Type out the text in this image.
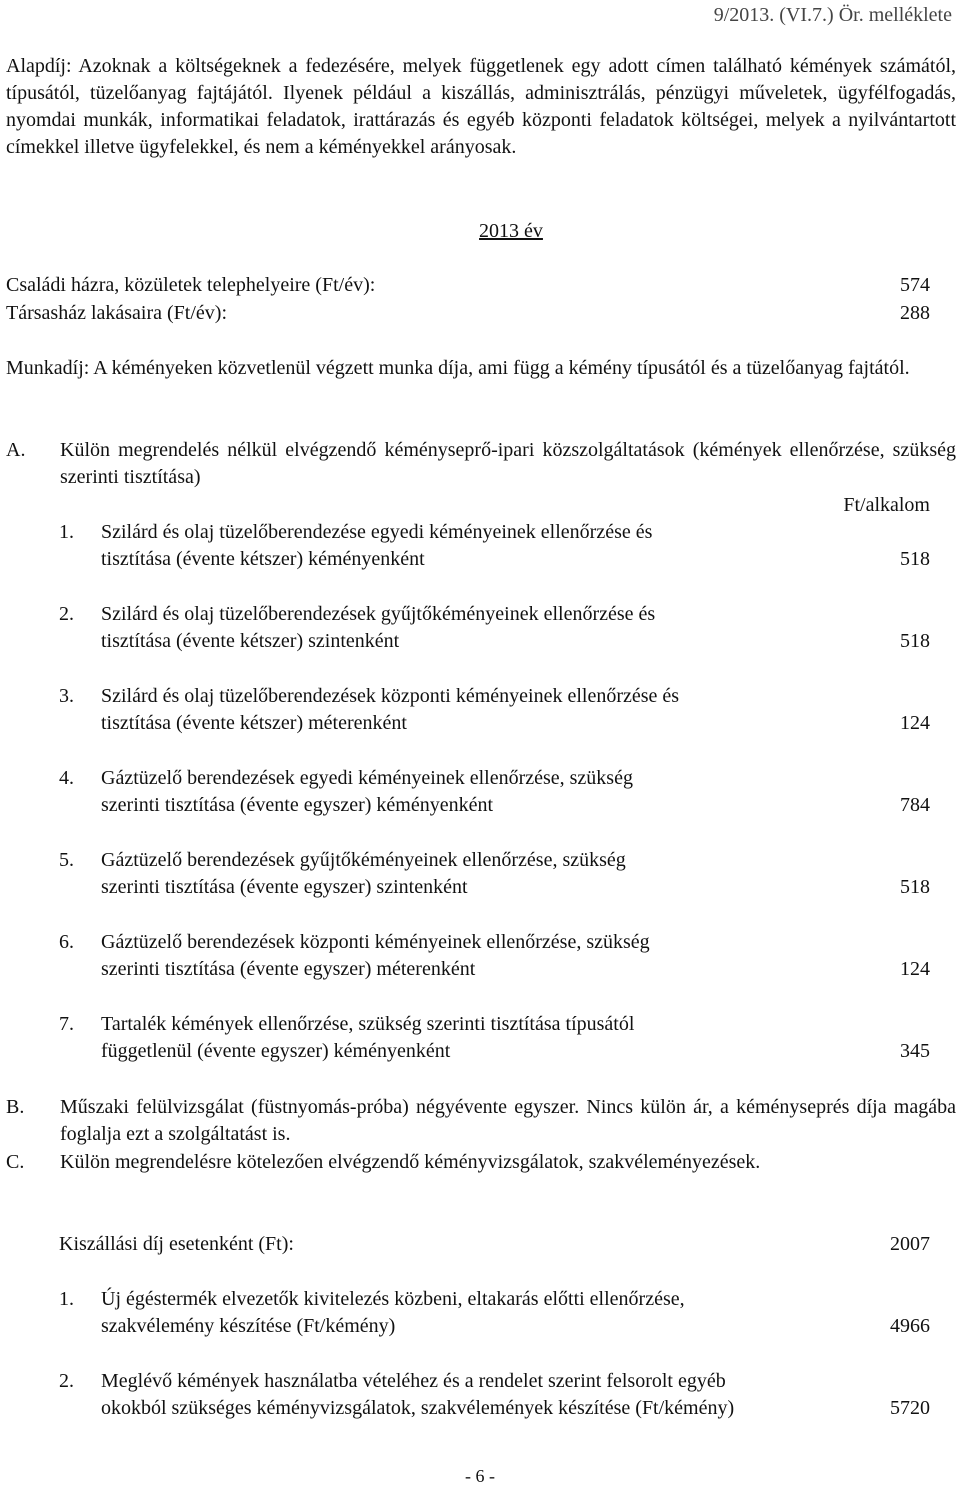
9/2013. (VI.7.) Ör. melléklete
Alapdíj: Azoknak a költségeknek a fedezésére, melyek függetlenek egy adott címen található kémények számától, típusától, tüzelőanyag fajtájától. Ilyenek például a kiszállás, adminisztrálás, pénzügyi műveletek, ügyfélfogadás, nyomdai munkák, informatikai feladatok, irattárazás és egyéb központi feladatok költségei, melyek a nyilvántartott címekkel illetve ügyfelekkel, és nem a kéményekkel arányosak.
2013 év
Családi házra, közületek telephelyeire (Ft/év):	574
Társasház lakásaira (Ft/év):	288
Munkadíj: A kéményeken közvetlenül végzett munka díja, ami függ a kémény típusától és a tüzelőanyag fajtától.
A.	Külön megrendelés nélkül elvégzendő kéményseprő-ipari közszolgáltatások (kémények ellenőrzése, szükség szerinti tisztítása)
Ft/alkalom
1.	Szilárd és olaj tüzelőberendezése egyedi kéményeinek ellenőrzése és
tisztítása (évente kétszer) kéményenként	518
2.	Szilárd és olaj tüzelőberendezések gyűjtőkéményeinek ellenőrzése és
tisztítása (évente kétszer) szintenként	518
3.	Szilárd és olaj tüzelőberendezések központi kéményeinek ellenőrzése és
tisztítása (évente kétszer) méterenként	124
4.	Gáztüzelő berendezések egyedi kéményeinek ellenőrzése, szükség
szerinti tisztítása (évente egyszer) kéményenként	784
5.	Gáztüzelő berendezések gyűjtőkéményeinek ellenőrzése, szükség
szerinti tisztítása (évente egyszer) szintenként	518
6.	Gáztüzelő berendezések központi kéményeinek ellenőrzése, szükség
szerinti tisztítása (évente egyszer) méterenként	124
7.	Tartalék kémények ellenőrzése, szükség szerinti tisztítása típusától
függetlenül (évente egyszer) kéményenként	345
B.	Műszaki felülvizsgálat (füstnyomás-próba) négyévente egyszer. Nincs külön ár, a kéményseprés díja magába foglalja ezt a szolgáltatást is.
C.	Külön megrendelésre kötelezően elvégzendő kéményvizsgálatok, szakvéleményezések.
Kiszállási díj esetenként (Ft):	2007
1.	Új égéstermék elvezetők kivitelezés közbeni, eltakarás előtti ellenőrzése,
szakvélemény készítése (Ft/kémény)	4966
2.	Meglévő kémények használatba vételéhez és a rendelet szerint felsorolt egyéb
okokból szükséges kéményvizsgálatok, szakvélemények készítése (Ft/kémény)	5720
- 6 -
